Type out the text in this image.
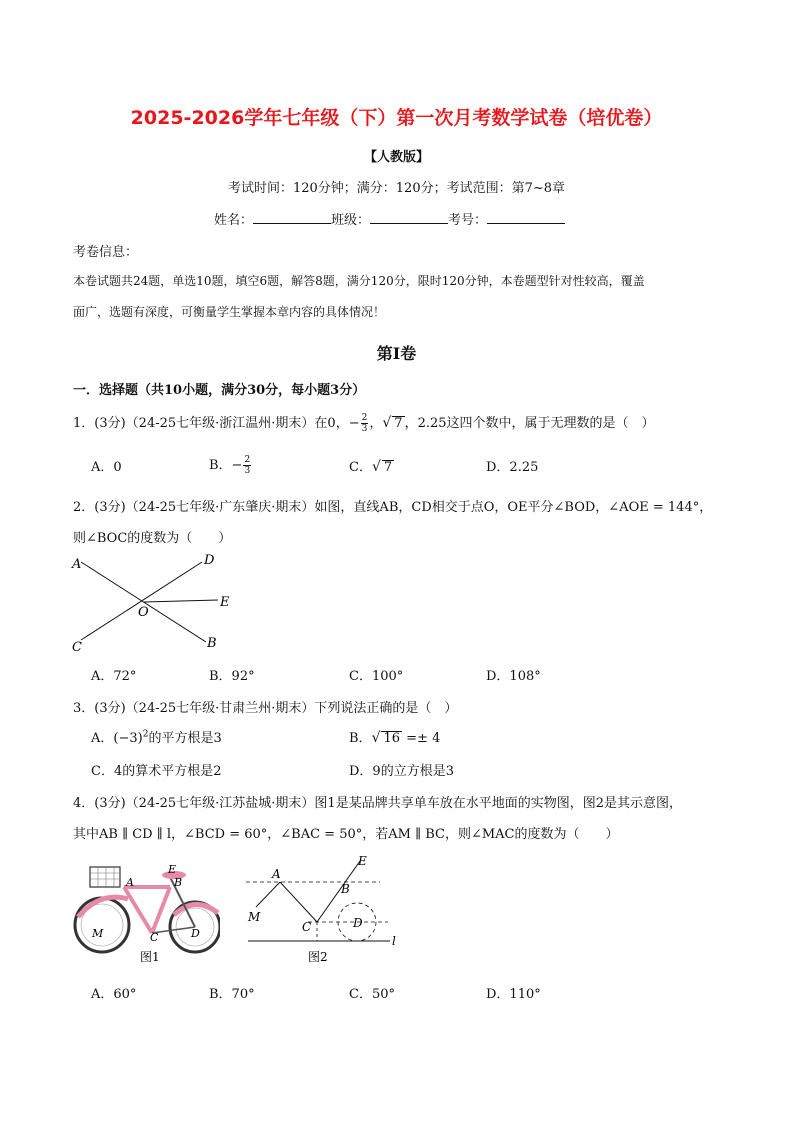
2025-2026学年七年级（下）第一次月考数学试卷（培优卷）
【人教版】
考试时间：120分钟；满分：120分；考试范围：第7~8章
姓名：	班级：	考号：
考卷信息：
本卷试题共24题，单选10题，填空6题，解答8题，满分120分，限时120分钟，本卷题型针对性较高，覆盖
面广，选题有深度，可衡量学生掌握本章内容的具体情况！
第I卷
一．选择题（共10小题，满分30分，每小题3分）
1．(3分)（24-25七年级·浙江温州·期末）在0，− $\frac{2}{3}$ ，√ 7 ，2.25这四个数中，属于无理数的是（　）
A．0	B．− $\frac{2}{3}$	C．√ 7	D．2.25
2．(3分)（24-25七年级·广东肇庆·期末）如图，直线AB，CD相交于点O，OE平分∠BOD，∠AOE = 144°，
则∠BOC的度数为（　　）
A	D
E
O
C	B
A．72°	B．92°	C．100°	D．108°
3．(3分)（24-25七年级·甘肃兰州·期末）下列说法正确的是（　）
A．$(-3)^2$的平方根是3	B．√ 16 =± 4
C．4的算术平方根是2	D．9的立方根是3
4．(3分)（24-25七年级·江苏盐城·期末）图1是某品牌共享单车放在水平地面的实物图，图2是其示意图，
其中AB ∥ CD ∥ l，∠BCD = 60°，∠BAC = 50°，若AM ∥ BC，则∠MAC的度数为（　　）
A
E
B
M	C	D
图1
A
E
B
M
C	D
l
图2
A．60°	B．70°	C．50°	D．110°
